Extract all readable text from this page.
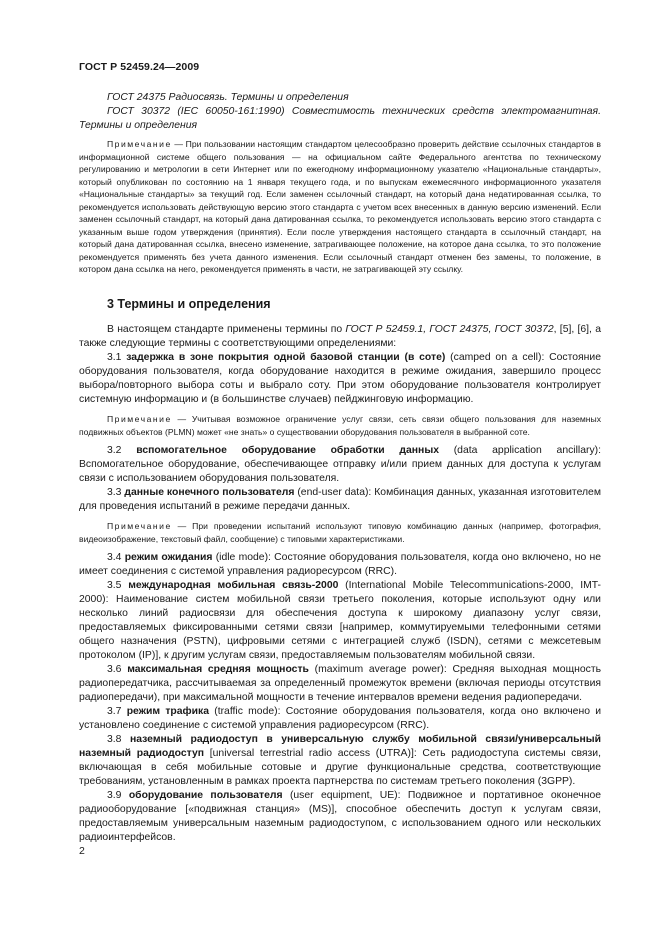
ГОСТ Р 52459.24—2009

ГОСТ 24375 Радиосвязь. Термины и определения

ГОСТ 30372 (IEC 60050-161:1990) Совместимость технических средств электромагнитная. Термины и определения

Примечание — При пользовании настоящим стандартом целесообразно проверить действие ссылочных стандартов в информационной системе общего пользования — на официальном сайте Федерального агентства по техническому регулированию и метрологии в сети Интернет или по ежегодному информационному указателю «Национальные стандарты», который опубликован по состоянию на 1 января текущего года, и по выпускам ежемесячного информационного указателя «Национальные стандарты» за текущий год. Если заменен ссылочный стандарт, на который дана недатированная ссылка, то рекомендуется использовать действующую версию этого стандарта с учетом всех внесенных в данную версию изменений. Если заменен ссылочный стандарт, на который дана датированная ссылка, то рекомендуется использовать версию этого стандарта с указанным выше годом утверждения (принятия). Если после утверждения настоящего стандарта в ссылочный стандарт, на который дана датированная ссылка, внесено изменение, затрагивающее положение, на которое дана ссылка, то это положение рекомендуется применять без учета данного изменения. Если ссылочный стандарт отменен без замены, то положение, в котором дана ссылка на него, рекомендуется применять в части, не затрагивающей эту ссылку.

3 Термины и определения

В настоящем стандарте применены термины по ГОСТ Р 52459.1, ГОСТ 24375, ГОСТ 30372, [5], [6], а также следующие термины с соответствующими определениями:

3.1 задержка в зоне покрытия одной базовой станции (в соте) (camped on a cell): Состояние оборудования пользователя, когда оборудование находится в режиме ожидания, завершило процесс выбора/повторного выбора соты и выбрало соту. При этом оборудование пользователя контролирует системную информацию и (в большинстве случаев) пейджинговую информацию.

Примечание — Учитывая возможное ограничение услуг связи, сеть связи общего пользования для наземных подвижных объектов (PLMN) может «не знать» о существовании оборудования пользователя в выбранной соте.

3.2 вспомогательное оборудование обработки данных (data application ancillary): Вспомогательное оборудование, обеспечивающее отправку и/или прием данных для доступа к услугам связи с использованием оборудования пользователя.

3.3 данные конечного пользователя (end-user data): Комбинация данных, указанная изготовителем для проведения испытаний в режиме передачи данных.

Примечание — При проведении испытаний используют типовую комбинацию данных (например, фотография, видеоизображение, текстовый файл, сообщение) с типовыми характеристиками.

3.4 режим ожидания (idle mode): Состояние оборудования пользователя, когда оно включено, но не имеет соединения с системой управления радиоресурсом (RRC).

3.5 международная мобильная связь-2000 (International Mobile Telecommunications-2000, IMT-2000): Наименование систем мобильной связи третьего поколения, которые используют одну или несколько линий радиосвязи для обеспечения доступа к широкому диапазону услуг связи, предоставляемых фиксированными сетями связи [например, коммутируемыми телефонными сетями общего назначения (PSTN), цифровыми сетями с интеграцией служб (ISDN), сетями с межсетевым протоколом (IP)], к другим услугам связи, предоставляемым пользователям мобильной связи.

3.6 максимальная средняя мощность (maximum average power): Средняя выходная мощность радиопередатчика, рассчитываемая за определенный промежуток времени (включая периоды отсутствия радиопередачи), при максимальной мощности в течение интервалов времени ведения радиопередачи.

3.7 режим трафика (traffic mode): Состояние оборудования пользователя, когда оно включено и установлено соединение с системой управления радиоресурсом (RRC).

3.8 наземный радиодоступ в универсальную службу мобильной связи/универсальный наземный радиодоступ [universal terrestrial radio access (UTRA)]: Сеть радиодоступа системы связи, включающая в себя мобильные сотовые и другие функциональные средства, соответствующие требованиям, установленным в рамках проекта партнерства по системам третьего поколения (3GPP).

3.9 оборудование пользователя (user equipment, UE): Подвижное и портативное оконечное радиооборудование [«подвижная станция» (MS)], способное обеспечить доступ к услугам связи, предоставляемым универсальным наземным радиодоступом, с использованием одного или нескольких радиоинтерфейсов.

2
